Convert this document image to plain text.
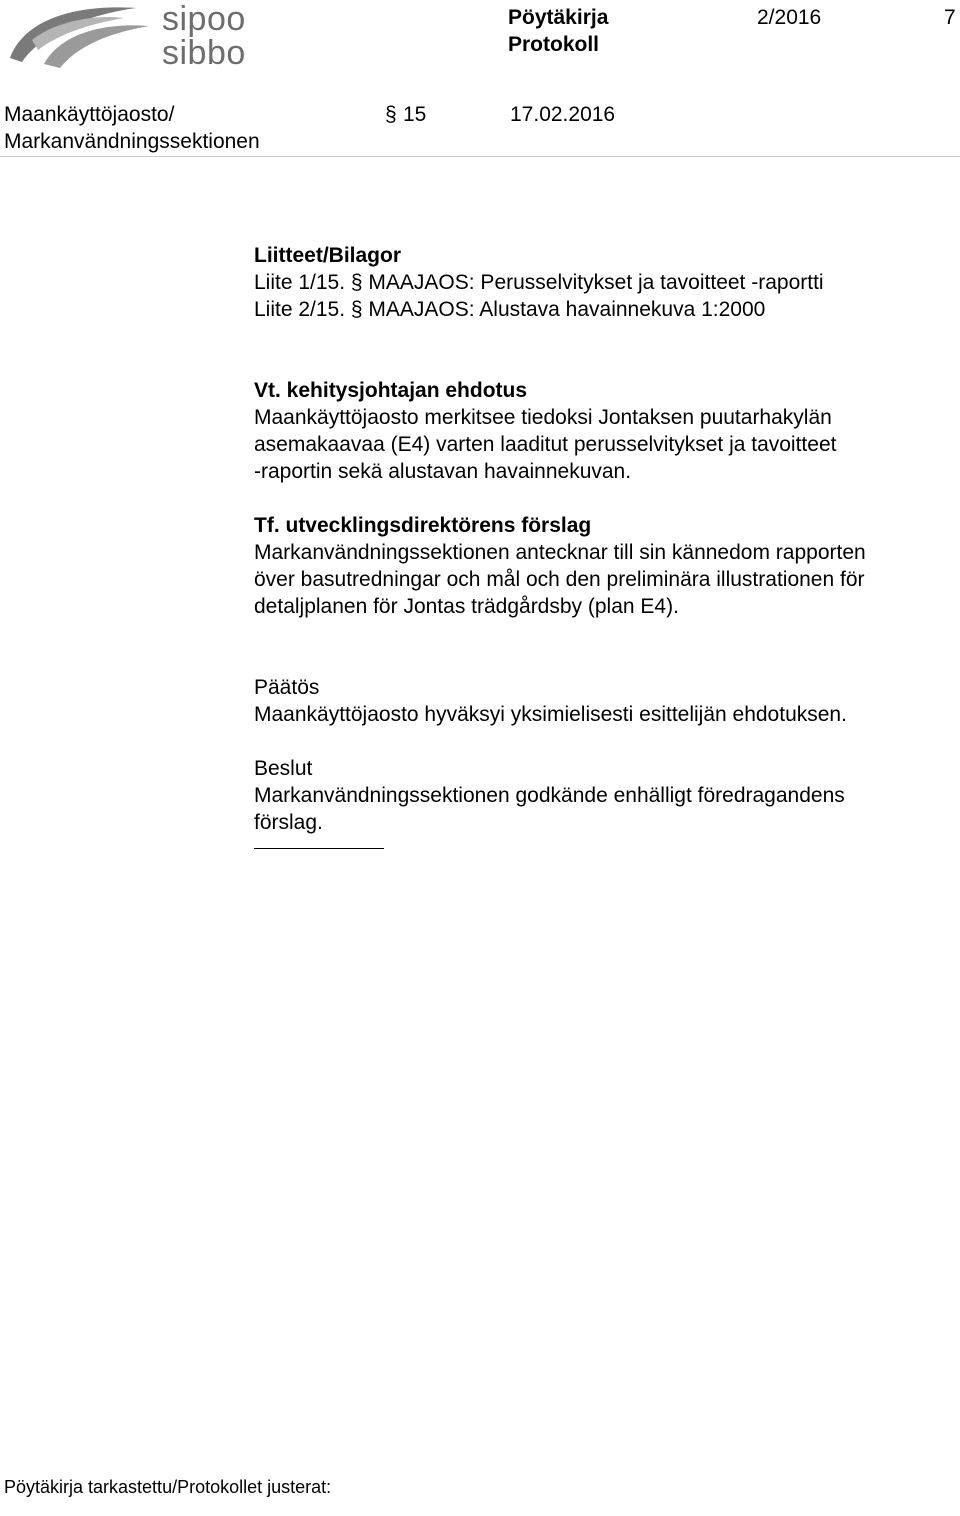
sipoo
sibbo
Pöytäkirja
Protokoll
2/2016	7
Maankäyttöjaosto/
Markanvändningssektionen
§ 15	17.02.2016

Liitteet/Bilagor

Liite 1/15. § MAAJAOS: Perusselvitykset ja tavoitteet -raportti

Liite 2/15. § MAAJAOS: Alustava havainnekuva 1:2000

Vt. kehitysjohtajan ehdotus

Maankäyttöjaosto merkitsee tiedoksi Jontaksen puutarhakylän

asemakaavaa (E4) varten laaditut perusselvitykset ja tavoitteet

-raportin sekä alustavan havainnekuvan.

Tf. utvecklingsdirektörens förslag

Markanvändningssektionen antecknar till sin kännedom rapporten

över basutredningar och mål och den preliminära illustrationen för

detaljplanen för Jontas trädgårdsby (plan E4).

Päätös

Maankäyttöjaosto hyväksyi yksimielisesti esittelijän ehdotuksen.

Beslut

Markanvändningssektionen godkände enhälligt föredragandens

förslag.

Pöytäkirja tarkastettu/Protokollet justerat:
